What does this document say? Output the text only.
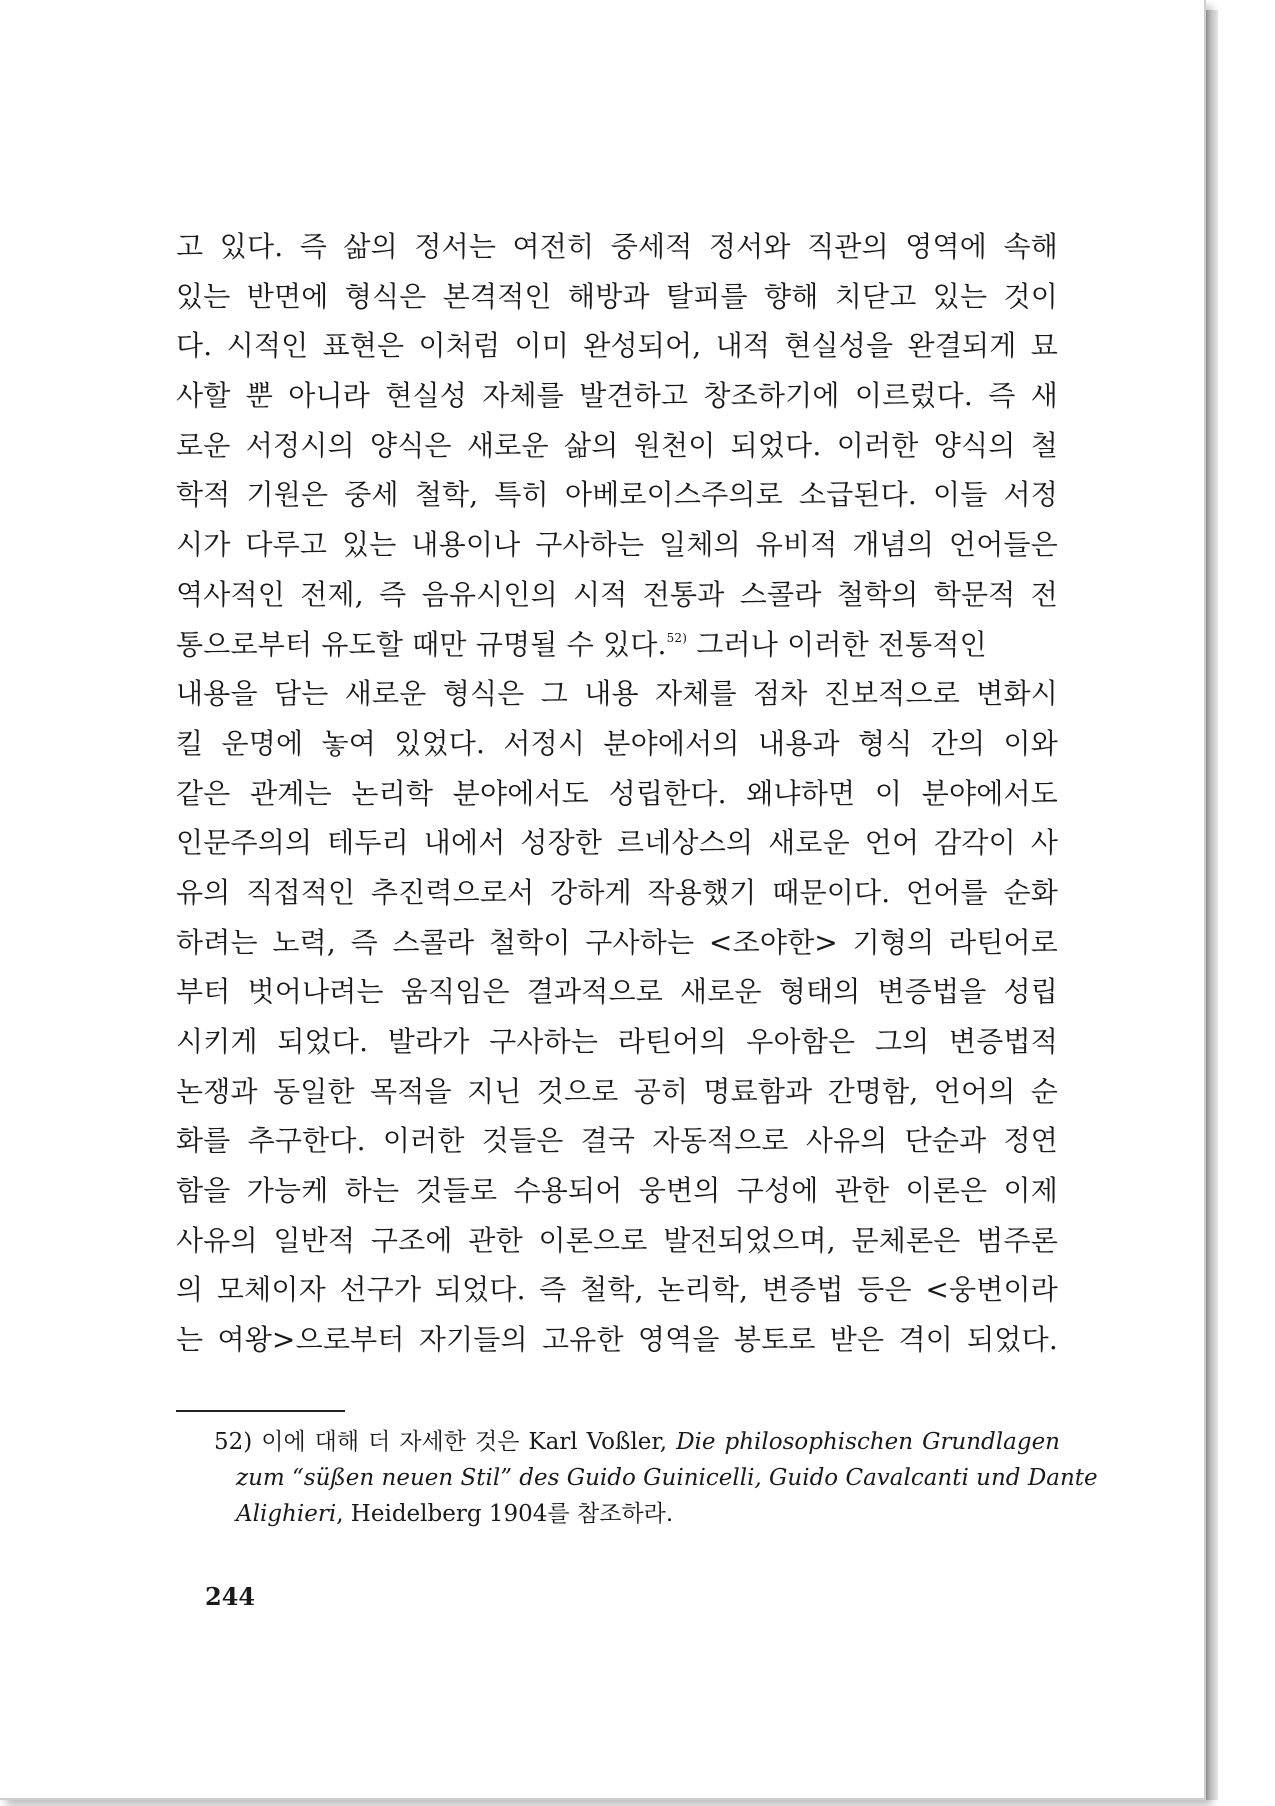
고 있다. 즉 삶의 정서는 여전히 중세적 정서와 직관의 영역에 속해
있는 반면에 형식은 본격적인 해방과 탈피를 향해 치닫고 있는 것이
다. 시적인 표현은 이처럼 이미 완성되어, 내적 현실성을 완결되게 묘
사할 뿐 아니라 현실성 자체를 발견하고 창조하기에 이르렀다. 즉 새
로운 서정시의 양식은 새로운 삶의 원천이 되었다. 이러한 양식의 철
학적 기원은 중세 철학, 특히 아베로이스주의로 소급된다. 이들 서정
시가 다루고 있는 내용이나 구사하는 일체의 유비적 개념의 언어들은
역사적인 전제, 즉 음유시인의 시적 전통과 스콜라 철학의 학문적 전
통으로부터 유도할 때만 규명될 수 있다.$^{52)}$ 그러나 이러한 전통적인
내용을 담는 새로운 형식은 그 내용 자체를 점차 진보적으로 변화시
킬 운명에 놓여 있었다. 서정시 분야에서의 내용과 형식 간의 이와
같은 관계는 논리학 분야에서도 성립한다. 왜냐하면 이 분야에서도
인문주의의 테두리 내에서 성장한 르네상스의 새로운 언어 감각이 사
유의 직접적인 추진력으로서 강하게 작용했기 때문이다. 언어를 순화
하려는 노력, 즉 스콜라 철학이 구사하는 <조야한> 기형의 라틴어로
부터 벗어나려는 움직임은 결과적으로 새로운 형태의 변증법을 성립
시키게 되었다. 발라가 구사하는 라틴어의 우아함은 그의 변증법적
논쟁과 동일한 목적을 지닌 것으로 공히 명료함과 간명함, 언어의 순
화를 추구한다. 이러한 것들은 결국 자동적으로 사유의 단순과 정연
함을 가능케 하는 것들로 수용되어 웅변의 구성에 관한 이론은 이제
사유의 일반적 구조에 관한 이론으로 발전되었으며, 문체론은 범주론
의 모체이자 선구가 되었다. 즉 철학, 논리학, 변증법 등은 <웅변이라
는 여왕>으로부터 자기들의 고유한 영역을 봉토로 받은 격이 되었다.
52) 이에 대해 더 자세한 것은 Karl Voßler, Die philosophischen Grundlagen
zum “süßen neuen Stil” des Guido Guinicelli, Guido Cavalcanti und Dante
Alighieri, Heidelberg 1904를 참조하라.
244
